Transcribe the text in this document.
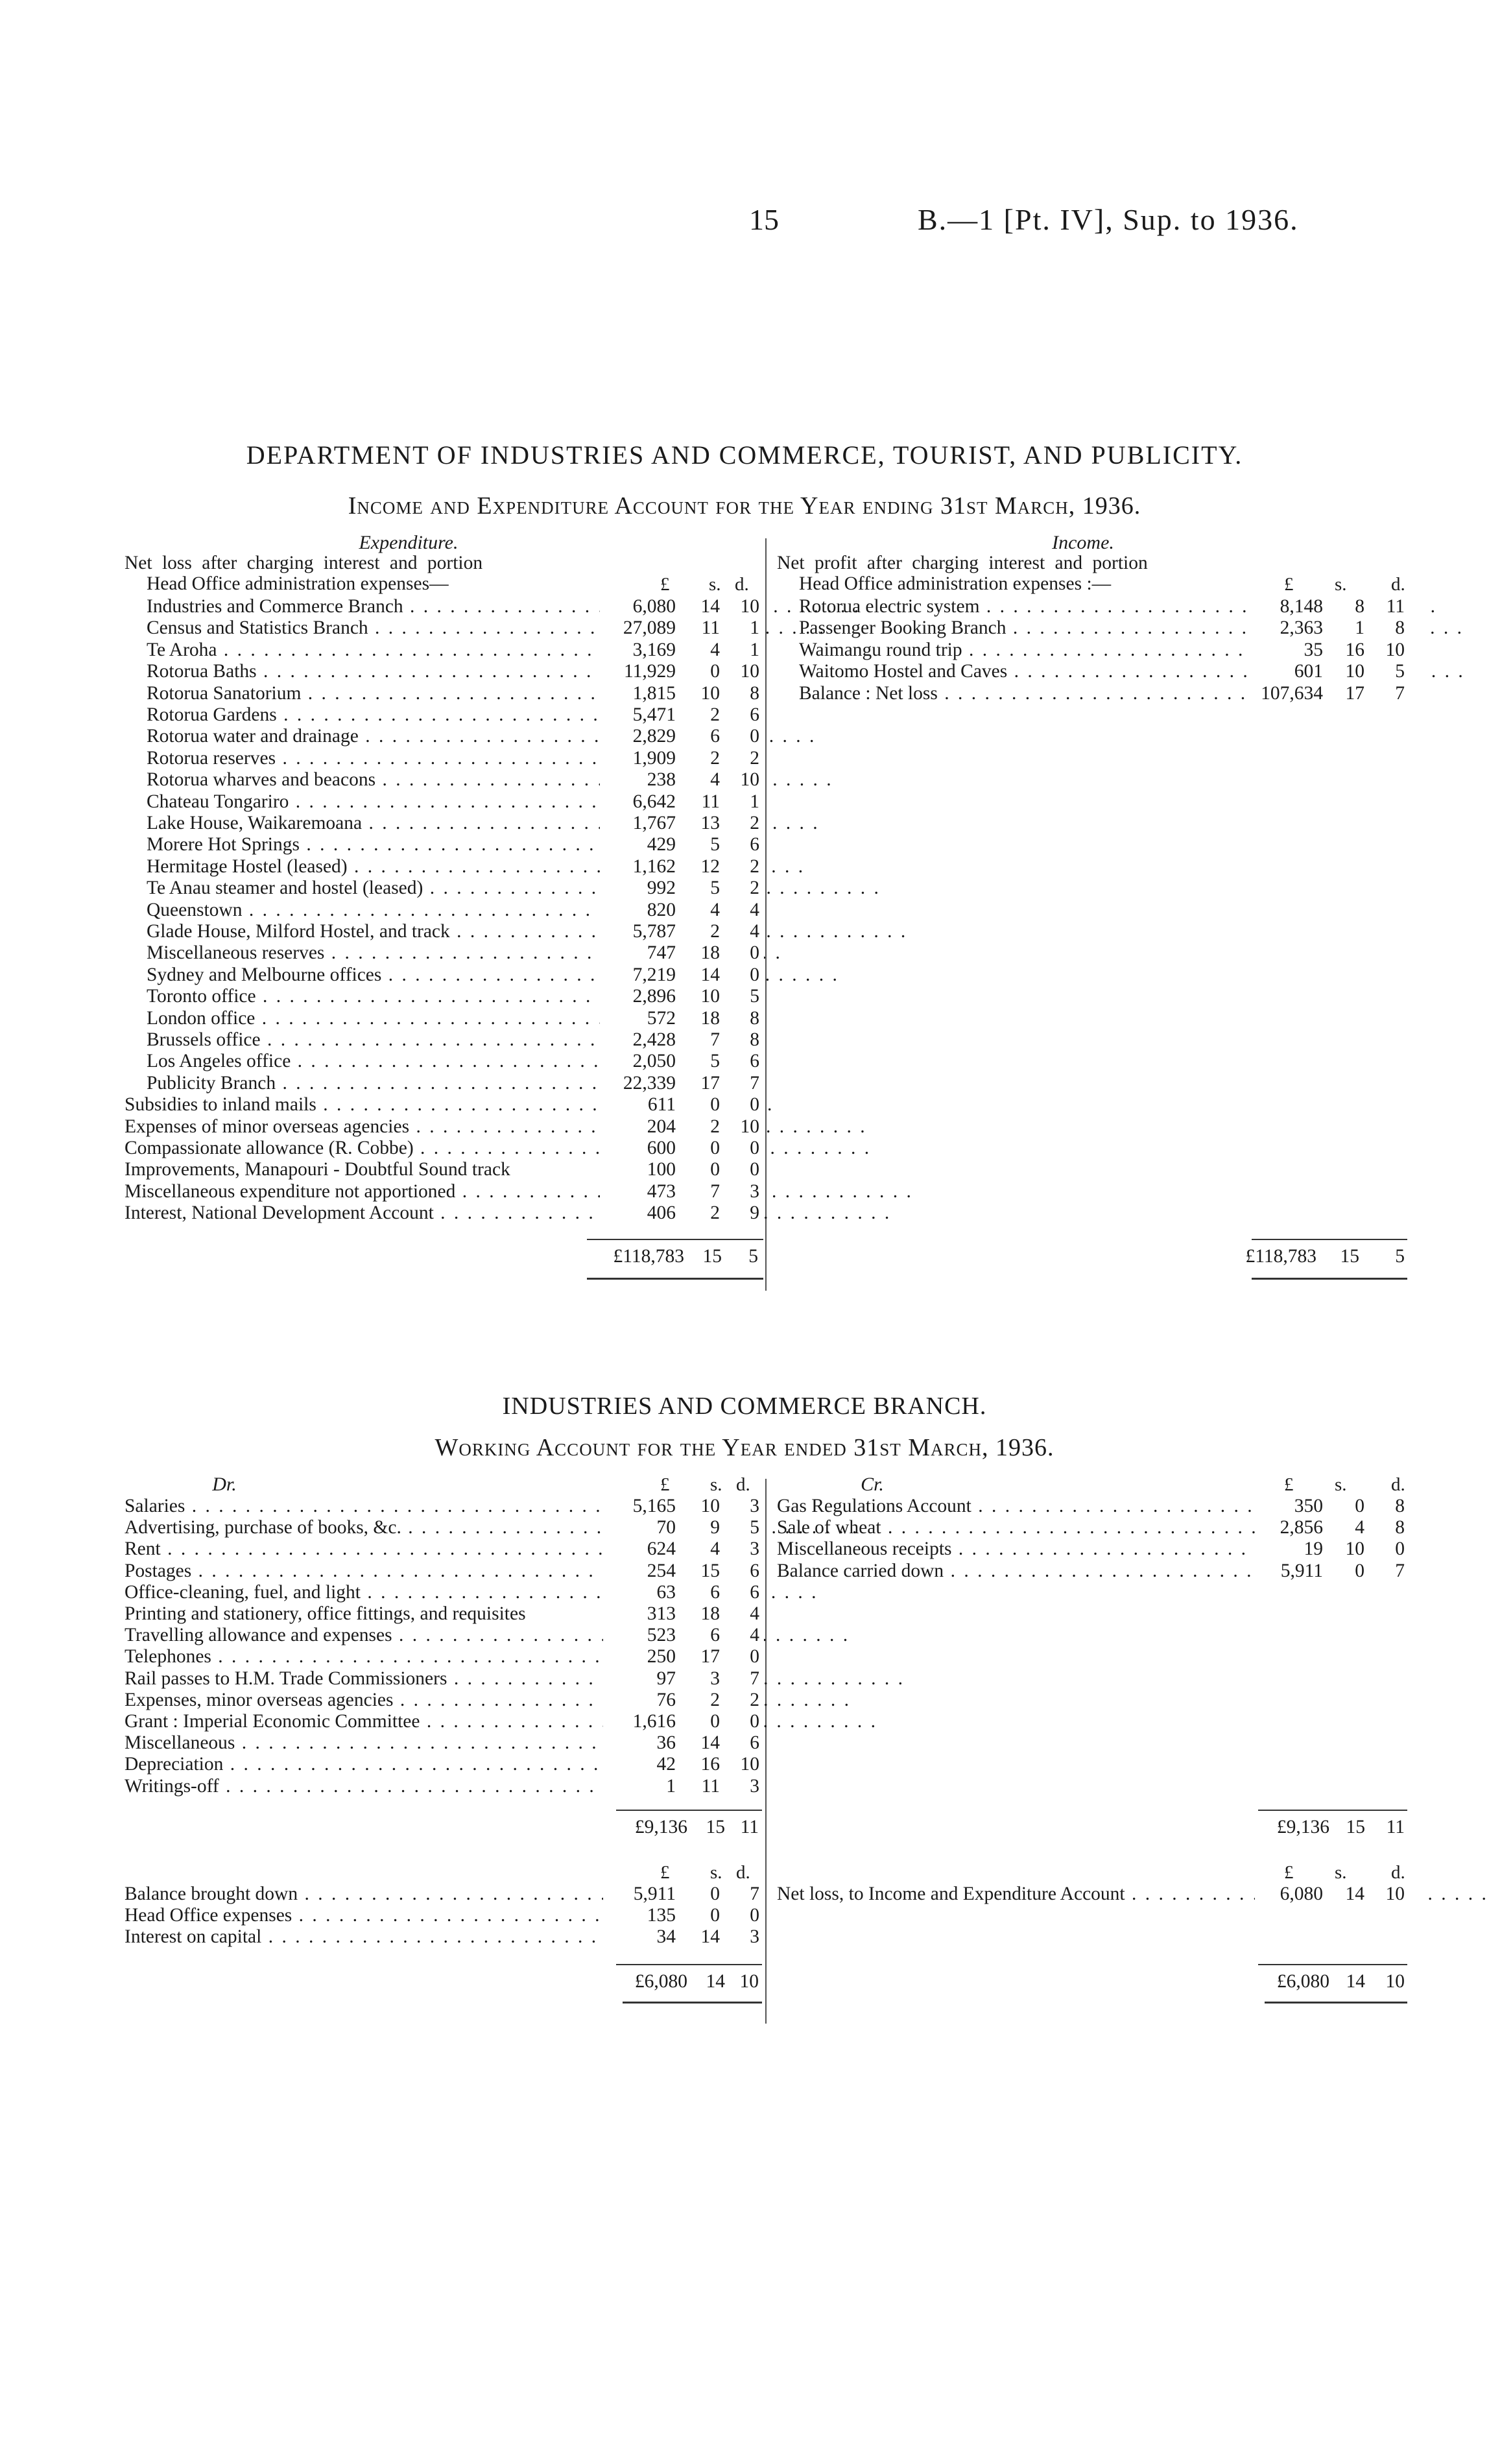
15	B.—1 [Pt. IV], Sup. to 1936.
DEPARTMENT OF INDUSTRIES AND COMMERCE, TOURIST, AND PUBLICITY.
Income and Expenditure Account for the Year ending 31st March, 1936.
Expenditure.
Net loss after charging interest and portion
Head Office administration expenses—	£ s. d.
Income.
Net profit after charging interest and portion
Head Office administration expenses :—	£ s. d.
Industries and Commerce Branch . .	6,080	14	10
Census and Statistics Branch . .	27,089	11	1
Te Aroha . .	3,169	4	1
Rotorua Baths . .	11,929	0	10
Rotorua Sanatorium . .	1,815	10	8
Rotorua Gardens . .	5,471	2	6
Rotorua water and drainage . .	2,829	6	0
Rotorua reserves . .	1,909	2	2
Rotorua wharves and beacons . .	238	4	10
Chateau Tongariro . .	6,642	11	1
Lake House, Waikaremoana . .	1,767	13	2
Morere Hot Springs . .	429	5	6
Hermitage Hostel (leased) . .	1,162	12	2
Te Anau steamer and hostel (leased) . .	992	5	2
Queenstown . .	820	4	4
Glade House, Milford Hostel, and track . .	5,787	2	4
Miscellaneous reserves . .	747	18	0
Sydney and Melbourne offices . .	7,219	14	0
Toronto office . .	2,896	10	5
London office . .	572	18	8
Brussels office . .	2,428	7	8
Los Angeles office . .	2,050	5	6
Publicity Branch . .	22,339	17	7
Subsidies to inland mails . .	611	0	0
Expenses of minor overseas agencies . .	204	2	10
Compassionate allowance (R. Cobbe) . .	600	0	0
Improvements, Manapouri - Doubtful Sound track	100	0	0
Miscellaneous expenditure not apportioned . .	473	7	3
Interest, National Development Account . .	406	2	9
Rotorua electric system . .	8,148	8	11
Passenger Booking Branch . .	2,363	1	8
Waimangu round trip . .	35	16	10
Waitomo Hostel and Caves . .	601	10	5
Balance : Net loss . .	107,634	17	7
£118,783 15	5	£118,783	15	5
INDUSTRIES AND COMMERCE BRANCH.
Working Account for the Year ended 31st March, 1936.
Dr.	£ s. d.	Cr.	£ s. d.
Salaries . .	5,165	10	3
Advertising, purchase of books, &c. . .	70	9	5
Rent . .	624	4	3
Postages . .	254	15	6
Office-cleaning, fuel, and light . .	63	6	6
Printing and stationery, office fittings, and requisites	313	18	4
Travelling allowance and expenses . .	523	6	4
Telephones . .	250	17	0
Rail passes to H.M. Trade Commissioners . .	97	3	7
Expenses, minor overseas agencies . .	76	2	2
Grant : Imperial Economic Committee . .	1,616	0	0
Miscellaneous . .	36	14	6
Depreciation . .	42	16	10
Writings-off . .	1	11	3
Gas Regulations Account . .	350	0	8
Sale of wheat . .	2,856	4	8
Miscellaneous receipts . .	19	10	0
Balance carried down . .	5,911	0	7
£9,136 15 11	£9,136 15	11
£ s. d.	£ s. d.
Balance brought down . .	5,911	0	7
Head Office expenses . .	135	0	0
Interest on capital . .	34	14	3
Net loss, to Income and Expenditure Account . .	6,080	14	10
£6,080 14 10	£6,080 14	10
